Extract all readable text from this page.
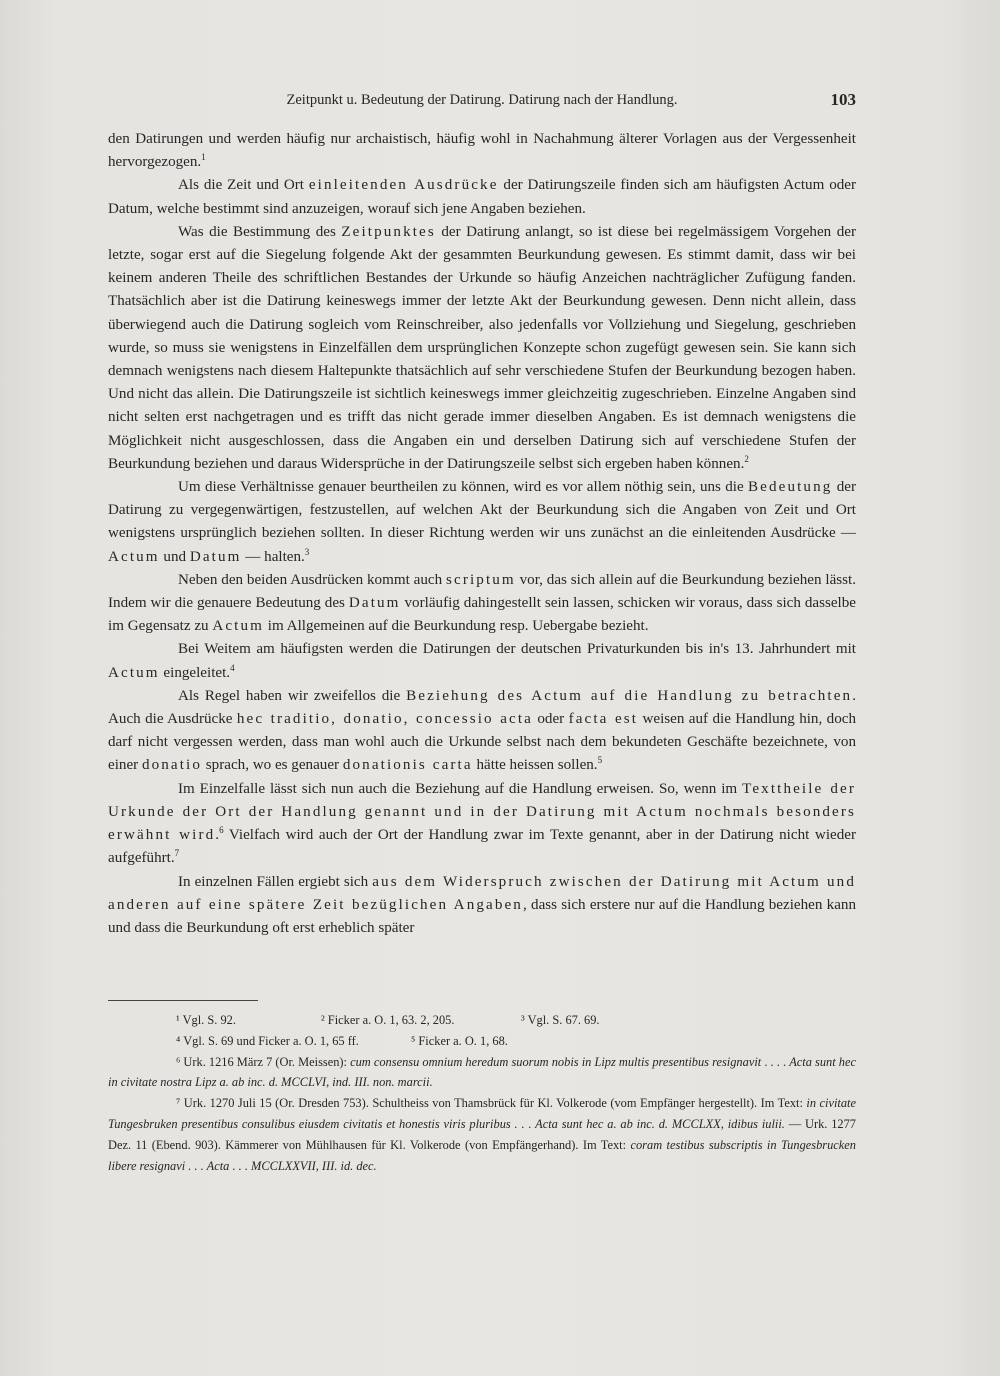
Zeitpunkt u. Bedeutung der Datirung. Datirung nach der Handlung.	103

den Datirungen und werden häufig nur archaistisch, häufig wohl in Nachahmung älterer Vorlagen aus der Vergessenheit hervorgezogen.$^1$

Als die Zeit und Ort einleitenden Ausdrücke der Datirungszeile finden sich am häufigsten Actum oder Datum, welche bestimmt sind anzuzeigen, worauf sich jene Angaben beziehen.

Was die Bestimmung des Zeitpunktes der Datirung anlangt, so ist diese bei regelmässigem Vorgehen der letzte, sogar erst auf die Siegelung folgende Akt der gesammten Beurkundung gewesen. Es stimmt damit, dass wir bei keinem anderen Theile des schriftlichen Bestandes der Urkunde so häufig Anzeichen nachträglicher Zufügung fanden. Thatsächlich aber ist die Datirung keineswegs immer der letzte Akt der Beurkundung gewesen. Denn nicht allein, dass überwiegend auch die Datirung sogleich vom Reinschreiber, also jedenfalls vor Vollziehung und Siegelung, geschrieben wurde, so muss sie wenigstens in Einzelfällen dem ursprünglichen Konzepte schon zugefügt gewesen sein. Sie kann sich demnach wenigstens nach diesem Haltepunkte thatsächlich auf sehr verschiedene Stufen der Beurkundung bezogen haben. Und nicht das allein. Die Datirungszeile ist sichtlich keineswegs immer gleichzeitig zugeschrieben. Einzelne Angaben sind nicht selten erst nachgetragen und es trifft das nicht gerade immer dieselben Angaben. Es ist demnach wenigstens die Möglichkeit nicht ausgeschlossen, dass die Angaben ein und derselben Datirung sich auf verschiedene Stufen der Beurkundung beziehen und daraus Widersprüche in der Datirungszeile selbst sich ergeben haben können.$^2$

Um diese Verhältnisse genauer beurtheilen zu können, wird es vor allem nöthig sein, uns die Bedeutung der Datirung zu vergegenwärtigen, festzustellen, auf welchen Akt der Beurkundung sich die Angaben von Zeit und Ort wenigstens ursprünglich beziehen sollten. In dieser Richtung werden wir uns zunächst an die einleitenden Ausdrücke — Actum und Datum — halten.$^3$

Neben den beiden Ausdrücken kommt auch scriptum vor, das sich allein auf die Beurkundung beziehen lässt. Indem wir die genauere Bedeutung des Datum vorläufig dahingestellt sein lassen, schicken wir voraus, dass sich dasselbe im Gegensatz zu Actum im Allgemeinen auf die Beurkundung resp. Uebergabe bezieht.

Bei Weitem am häufigsten werden die Datirungen der deutschen Privaturkunden bis in's 13. Jahrhundert mit Actum eingeleitet.$^4$

Als Regel haben wir zweifellos die Beziehung des Actum auf die Handlung zu betrachten. Auch die Ausdrücke hec traditio, donatio, concessio acta oder facta est weisen auf die Handlung hin, doch darf nicht vergessen werden, dass man wohl auch die Urkunde selbst nach dem bekundeten Geschäfte bezeichnete, von einer donatio sprach, wo es genauer donationis carta hätte heissen sollen.$^5$

Im Einzelfalle lässt sich nun auch die Beziehung auf die Handlung erweisen. So, wenn im Texttheile der Urkunde der Ort der Handlung genannt und in der Datirung mit Actum nochmals besonders erwähnt wird.$^6$ Vielfach wird auch der Ort der Handlung zwar im Texte genannt, aber in der Datirung nicht wieder aufgeführt.$^7$

In einzelnen Fällen ergiebt sich aus dem Widerspruch zwischen der Datirung mit Actum und anderen auf eine spätere Zeit bezüglichen Angaben, dass sich erstere nur auf die Handlung beziehen kann und dass die Beurkundung oft erst erheblich später

¹ Vgl. S. 92.	² Ficker a. O. 1, 63. 2, 205.	³ Vgl. S. 67. 69.
⁴ Vgl. S. 69 und Ficker a. O. 1, 65 ff.	⁵ Ficker a. O. 1, 68.

⁶ Urk. 1216 März 7 (Or. Meissen): cum consensu omnium heredum suorum nobis in Lipz multis presentibus resignavit . . . . Acta sunt hec in civitate nostra Lipz a. ab inc. d. MCCLVI, ind. III. non. marcii.

⁷ Urk. 1270 Juli 15 (Or. Dresden 753). Schultheiss von Thamsbrück für Kl. Volkerode (vom Empfänger hergestellt). Im Text: in civitate Tungesbruken presentibus consulibus eiusdem civitatis et honestis viris pluribus . . . Acta sunt hec a. ab inc. d. MCCLXX, idibus iulii. — Urk. 1277 Dez. 11 (Ebend. 903). Kämmerer von Mühlhausen für Kl. Volkerode (von Empfängerhand). Im Text: coram testibus subscriptis in Tungesbrucken libere resignavi . . . Acta . . . MCCLXXVII, III. id. dec.
